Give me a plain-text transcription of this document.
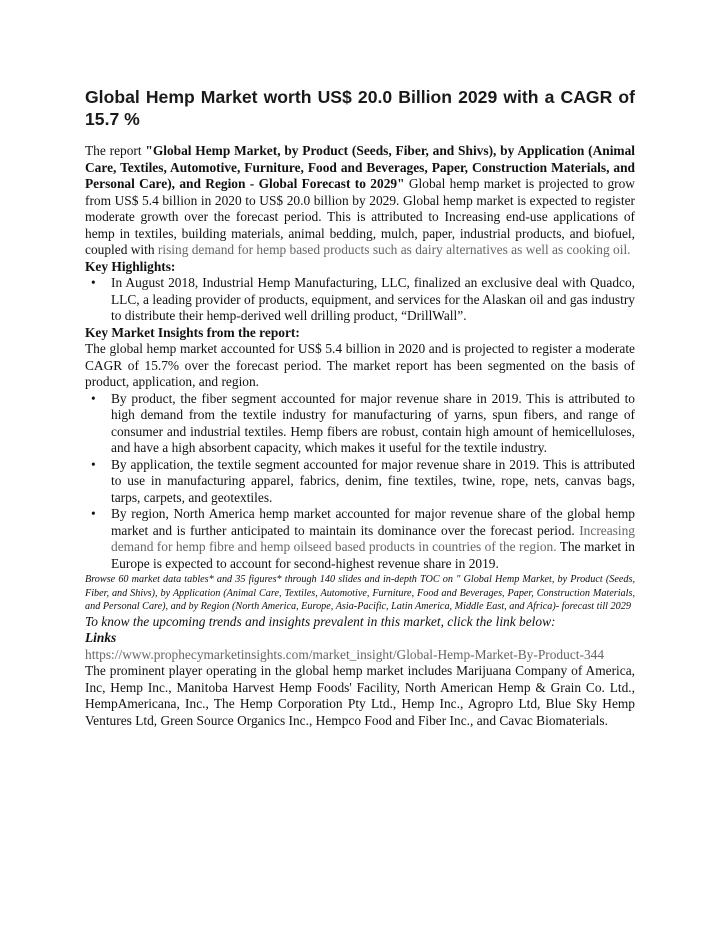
Global Hemp Market worth US$ 20.0 Billion 2029 with a CAGR of 15.7 %

The report "Global Hemp Market, by Product (Seeds, Fiber, and Shivs), by Application (Animal Care, Textiles, Automotive, Furniture, Food and Beverages, Paper, Construction Materials, and Personal Care), and Region - Global Forecast to 2029" Global hemp market is projected to grow from US$ 5.4 billion in 2020 to US$ 20.0 billion by 2029. Global hemp market is expected to register moderate growth over the forecast period. This is attributed to Increasing end-use applications of hemp in textiles, building materials, animal bedding, mulch, paper, industrial products, and biofuel, coupled with rising demand for hemp based products such as dairy alternatives as well as cooking oil.

Key Highlights:
• In August 2018, Industrial Hemp Manufacturing, LLC, finalized an exclusive deal with Quadco, LLC, a leading provider of products, equipment, and services for the Alaskan oil and gas industry to distribute their hemp-derived well drilling product, “DrillWall”.
Key Market Insights from the report:

The global hemp market accounted for US$ 5.4 billion in 2020 and is projected to register a moderate CAGR of 15.7% over the forecast period. The market report has been segmented on the basis of product, application, and region.

• By product, the fiber segment accounted for major revenue share in 2019. This is attributed to high demand from the textile industry for manufacturing of yarns, spun fibers, and range of consumer and industrial textiles. Hemp fibers are robust, contain high amount of hemicelluloses, and have a high absorbent capacity, which makes it useful for the textile industry.
• By application, the textile segment accounted for major revenue share in 2019. This is attributed to use in manufacturing apparel, fabrics, denim, fine textiles, twine, rope, nets, canvas bags, tarps, carpets, and geotextiles.
• By region, North America hemp market accounted for major revenue share of the global hemp market and is further anticipated to maintain its dominance over the forecast period. Increasing demand for hemp fibre and hemp oilseed based products in countries of the region. The market in Europe is expected to account for second-highest revenue share in 2019.

Browse 60 market data tables* and 35 figures* through 140 slides and in-depth TOC on " Global Hemp Market, by Product (Seeds, Fiber, and Shivs), by Application (Animal Care, Textiles, Automotive, Furniture, Food and Beverages, Paper, Construction Materials, and Personal Care), and by Region (North America, Europe, Asia-Pacific, Latin America, Middle East, and Africa)- forecast till 2029

To know the upcoming trends and insights prevalent in this market, click the link below:

Links
https://www.prophecymarketinsights.com/market_insight/Global-Hemp-Market-By-Product-344

The prominent player operating in the global hemp market includes Marijuana Company of America, Inc, Hemp Inc., Manitoba Harvest Hemp Foods' Facility, North American Hemp & Grain Co. Ltd., HempAmericana, Inc., The Hemp Corporation Pty Ltd., Hemp Inc., Agropro Ltd, Blue Sky Hemp Ventures Ltd, Green Source Organics Inc., Hempco Food and Fiber Inc., and Cavac Biomaterials.
